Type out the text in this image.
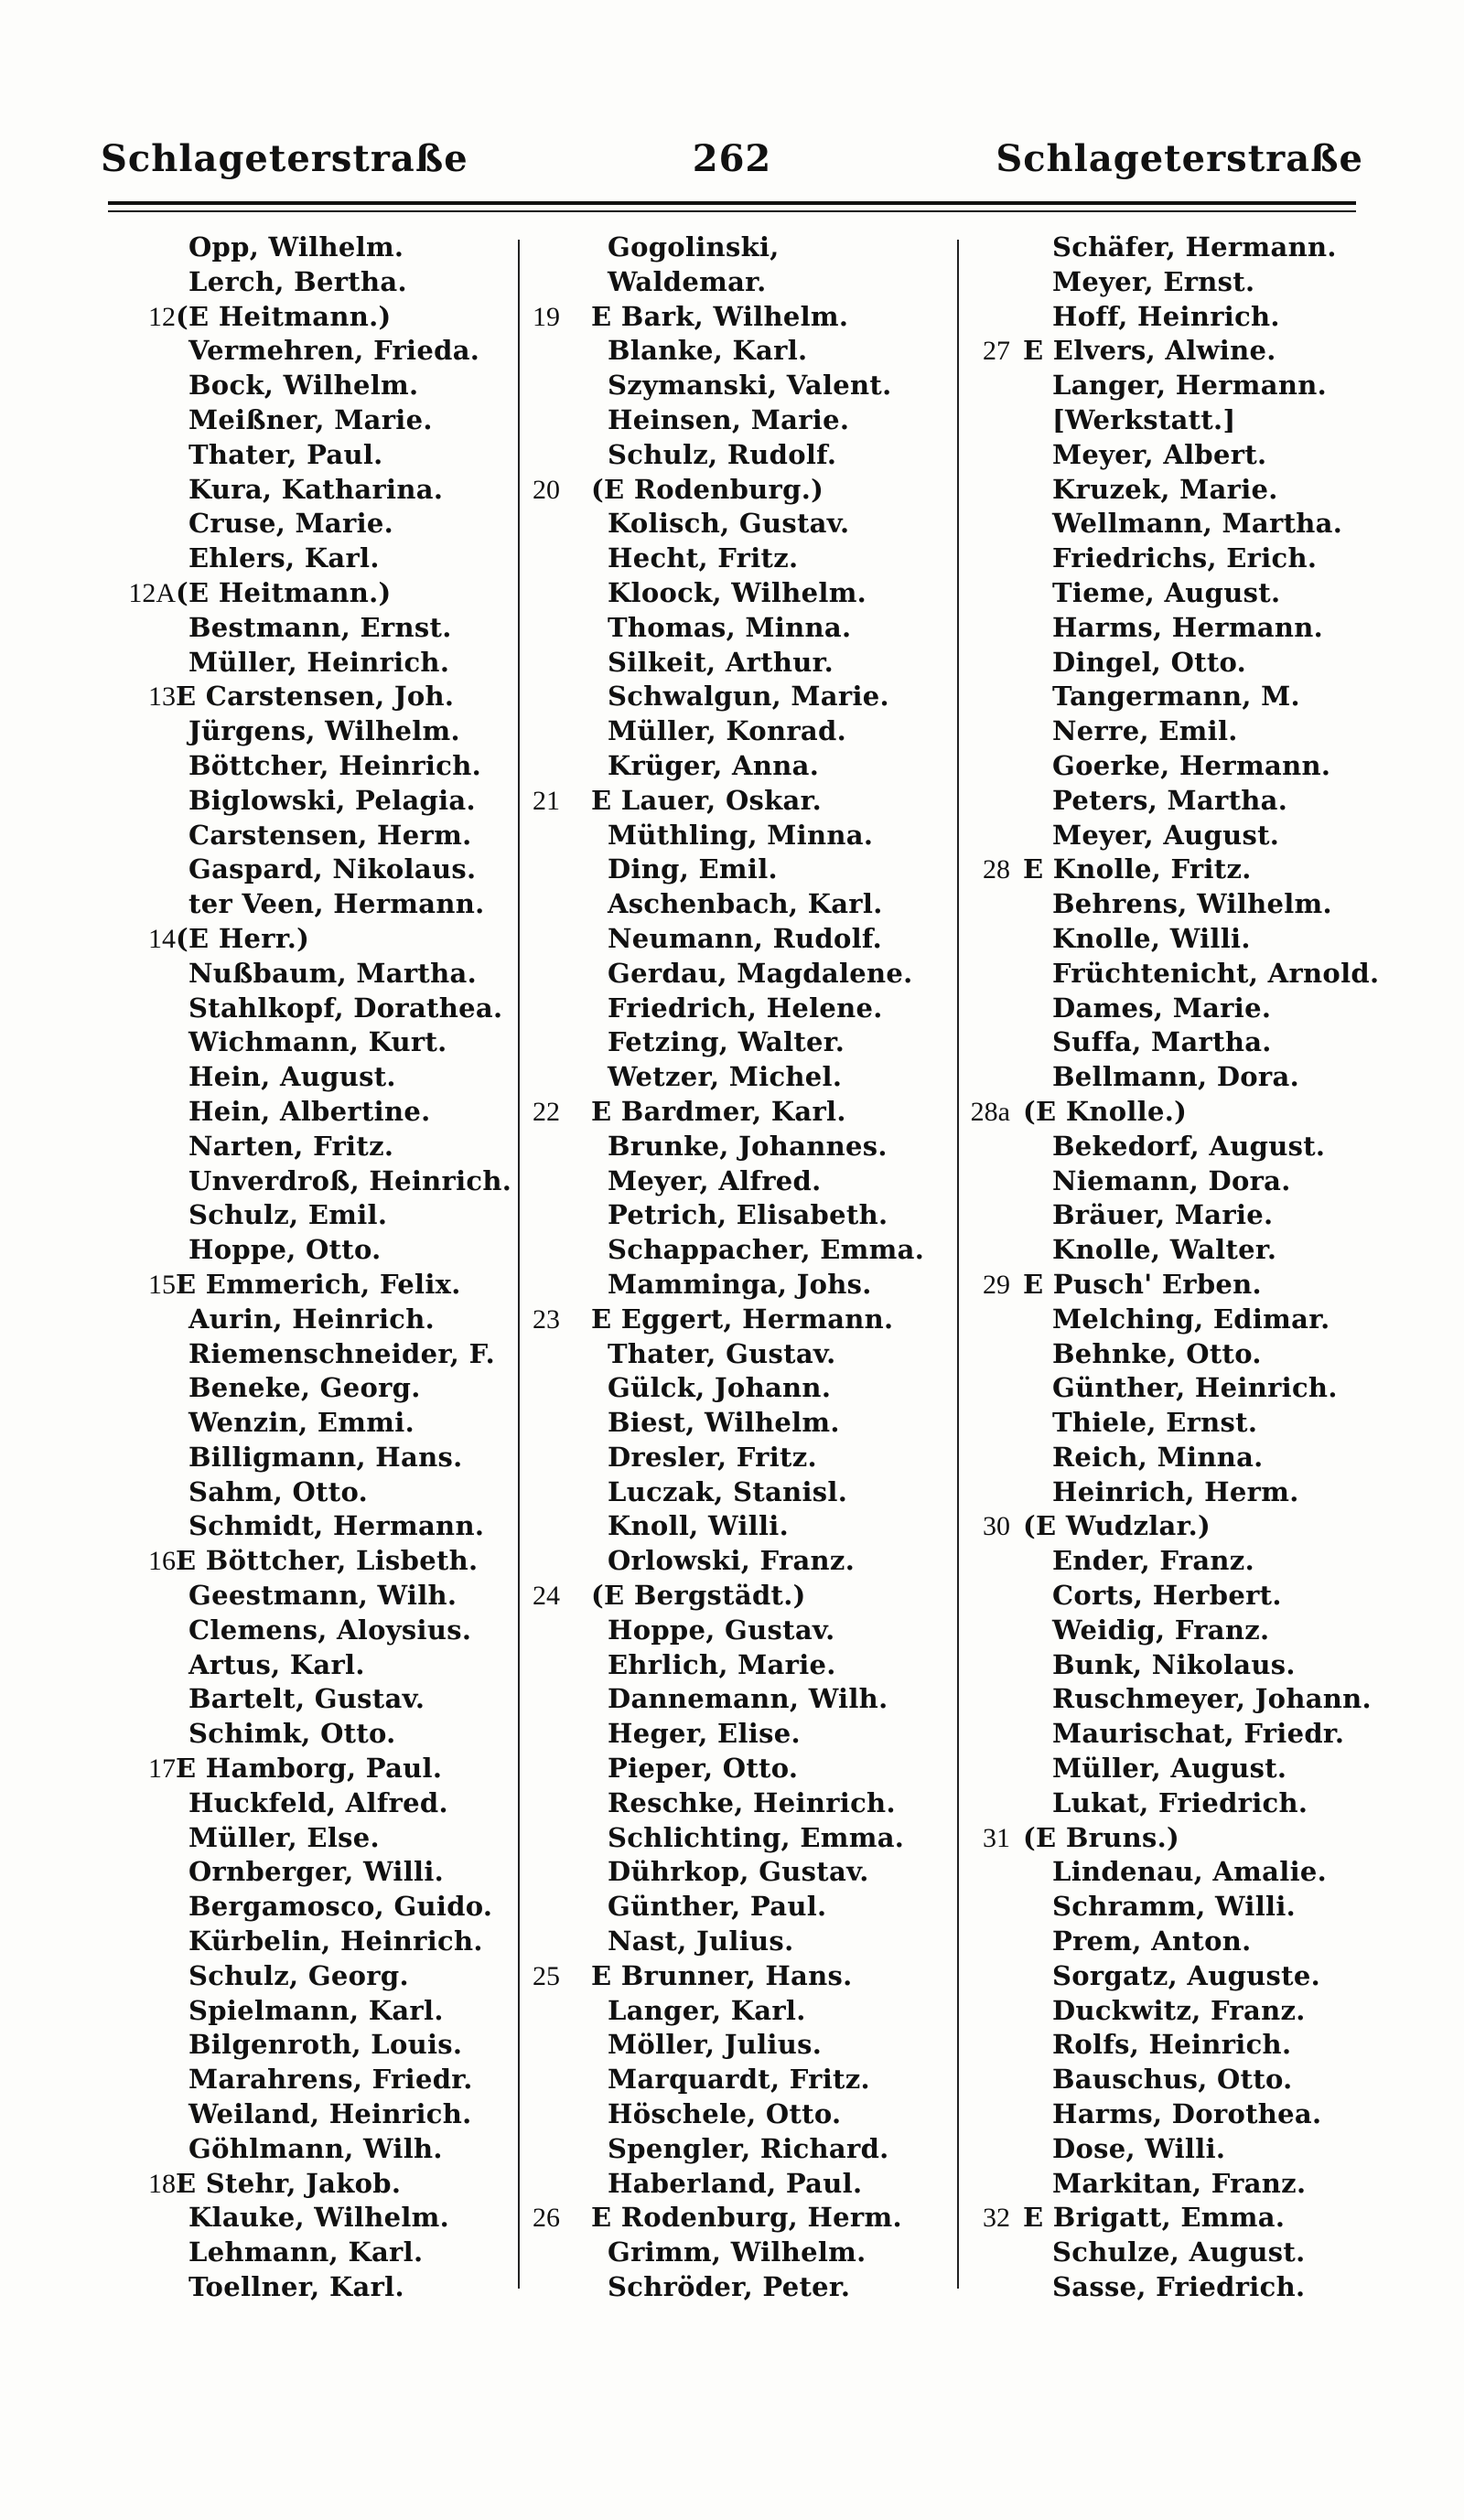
Schlageterstraße	262	Schlageterstraße
Opp, Wilhelm.
Lerch, Bertha.
12 (E Heitmann.)
Vermehren, Frieda.
Bock, Wilhelm.
Meißner, Marie.
Thater, Paul.
Kura, Katharina.
Cruse, Marie.
Ehlers, Karl.
12A (E Heitmann.)
Bestmann, Ernst.
Müller, Heinrich.
13 E Carstensen, Joh.
Jürgens, Wilhelm.
Böttcher, Heinrich.
Biglowski, Pelagia.
Carstensen, Herm.
Gaspard, Nikolaus.
ter Veen, Hermann.
14 (E Herr.)
Nußbaum, Martha.
Stahlkopf, Dorathea.
Wichmann, Kurt.
Hein, August.
Hein, Albertine.
Narten, Fritz.
Unverdroß, Heinrich.
Schulz, Emil.
Hoppe, Otto.
15 E Emmerich, Felix.
Aurin, Heinrich.
Riemenschneider, F.
Beneke, Georg.
Wenzin, Emmi.
Billigmann, Hans.
Sahm, Otto.
Schmidt, Hermann.
16 E Böttcher, Lisbeth.
Geestmann, Wilh.
Clemens, Aloysius.
Artus, Karl.
Bartelt, Gustav.
Schimk, Otto.
17 E Hamborg, Paul.
Huckfeld, Alfred.
Müller, Else.
Ornberger, Willi.
Bergamosco, Guido.
Kürbelin, Heinrich.
Schulz, Georg.
Spielmann, Karl.
Bilgenroth, Louis.
Marahrens, Friedr.
Weiland, Heinrich.
Göhlmann, Wilh.
18 E Stehr, Jakob.
Klauke, Wilhelm.
Lehmann, Karl.
Toellner, Karl.
Gogolinski,
Waldemar.
19 E Bark, Wilhelm.
Blanke, Karl.
Szymanski, Valent.
Heinsen, Marie.
Schulz, Rudolf.
20 (E Rodenburg.)
Kolisch, Gustav.
Hecht, Fritz.
Kloock, Wilhelm.
Thomas, Minna.
Silkeit, Arthur.
Schwalgun, Marie.
Müller, Konrad.
Krüger, Anna.
21 E Lauer, Oskar.
Müthling, Minna.
Ding, Emil.
Aschenbach, Karl.
Neumann, Rudolf.
Gerdau, Magdalene.
Friedrich, Helene.
Fetzing, Walter.
Wetzer, Michel.
22 E Bardmer, Karl.
Brunke, Johannes.
Meyer, Alfred.
Petrich, Elisabeth.
Schappacher, Emma.
Mamminga, Johs.
23 E Eggert, Hermann.
Thater, Gustav.
Gülck, Johann.
Biest, Wilhelm.
Dresler, Fritz.
Luczak, Stanisl.
Knoll, Willi.
Orlowski, Franz.
24 (E Bergstädt.)
Hoppe, Gustav.
Ehrlich, Marie.
Dannemann, Wilh.
Heger, Elise.
Pieper, Otto.
Reschke, Heinrich.
Schlichting, Emma.
Dührkop, Gustav.
Günther, Paul.
Nast, Julius.
25 E Brunner, Hans.
Langer, Karl.
Möller, Julius.
Marquardt, Fritz.
Höschele, Otto.
Spengler, Richard.
Haberland, Paul.
26 E Rodenburg, Herm.
Grimm, Wilhelm.
Schröder, Peter.
Schäfer, Hermann.
Meyer, Ernst.
Hoff, Heinrich.
27 E Elvers, Alwine.
Langer, Hermann.
[Werkstatt.]
Meyer, Albert.
Kruzek, Marie.
Wellmann, Martha.
Friedrichs, Erich.
Tieme, August.
Harms, Hermann.
Dingel, Otto.
Tangermann, M.
Nerre, Emil.
Goerke, Hermann.
Peters, Martha.
Meyer, August.
28 E Knolle, Fritz.
Behrens, Wilhelm.
Knolle, Willi.
Früchtenicht, Arnold.
Dames, Marie.
Suffa, Martha.
Bellmann, Dora.
28a (E Knolle.)
Bekedorf, August.
Niemann, Dora.
Bräuer, Marie.
Knolle, Walter.
29 E Pusch' Erben.
Melching, Edimar.
Behnke, Otto.
Günther, Heinrich.
Thiele, Ernst.
Reich, Minna.
Heinrich, Herm.
30 (E Wudzlar.)
Ender, Franz.
Corts, Herbert.
Weidig, Franz.
Bunk, Nikolaus.
Ruschmeyer, Johann.
Maurischat, Friedr.
Müller, August.
Lukat, Friedrich.
31 (E Bruns.)
Lindenau, Amalie.
Schramm, Willi.
Prem, Anton.
Sorgatz, Auguste.
Duckwitz, Franz.
Rolfs, Heinrich.
Bauschus, Otto.
Harms, Dorothea.
Dose, Willi.
Markitan, Franz.
32 E Brigatt, Emma.
Schulze, August.
Sasse, Friedrich.
